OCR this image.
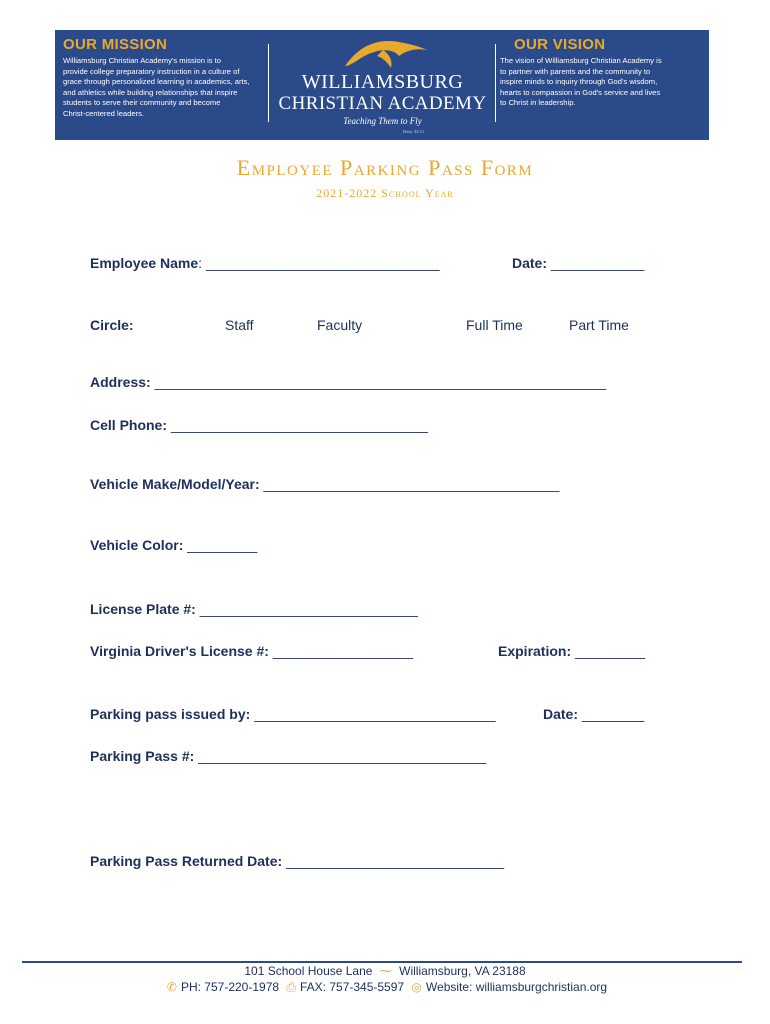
OUR MISSION

Williamsburg Christian Academy's mission is to
provide college preparatory instruction in a culture of
grace through personalized learning in academics, arts,
and athletics while building relationships that inspire
students to serve their community and become
Christ-centered leaders.

WILLIAMSBURG
CHRISTIAN ACADEMY
Teaching Them to Fly
Deut. 32:11
OUR VISION

The vision of Williamsburg Christian Academy is
to partner with parents and the community to
inspire minds to inquiry through God's wisdom,
hearts to compassion in God's service and lives
to Christ in leadership.

Employee Parking Pass Form
2021-2022 School Year
Employee Name: ______________________________	Date: ____________
Circle:	Staff	Faculty	Full Time	Part Time
Address: __________________________________________________________
Cell Phone: _________________________________
Vehicle Make/Model/Year: ______________________________________
Vehicle Color: _________
License Plate #: ____________________________
Virginia Driver's License #: __________________	Expiration: _________
Parking pass issued by: _______________________________	Date: ________
Parking Pass #: _____________________________________
Parking Pass Returned Date: ____________________________
101 School House Lane ⁓ Williamsburg, VA 23188
✆ PH: 757-220-1978 ⎙ FAX: 757-345-5597 ◎ Website: williamsburgchristian.org
